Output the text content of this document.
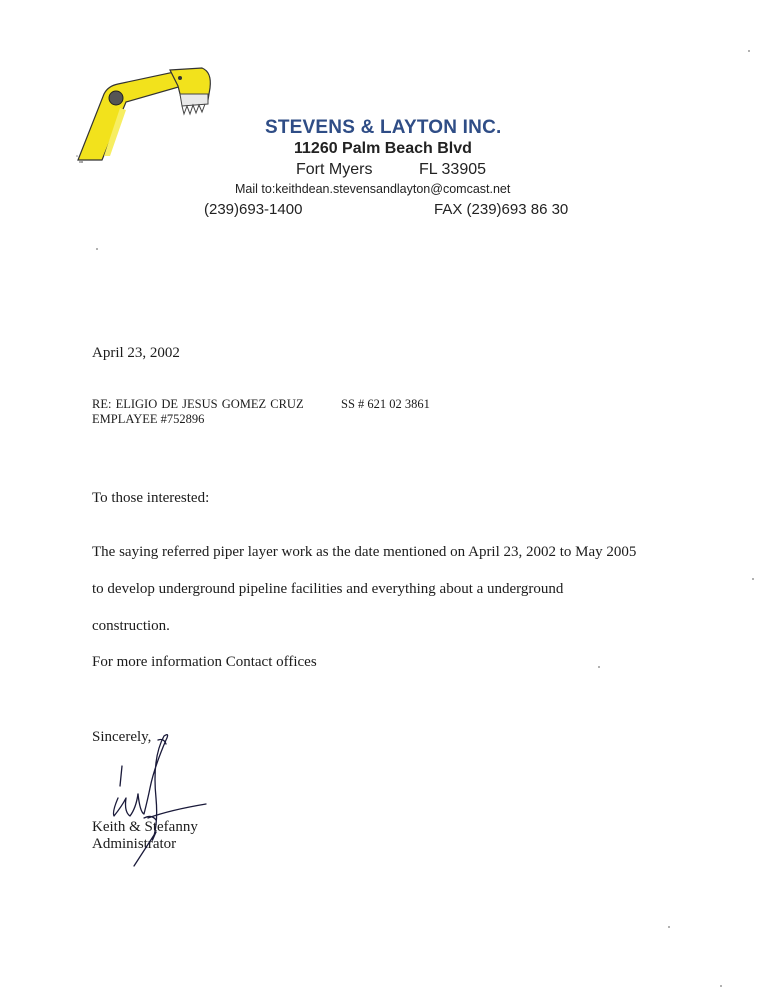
STEVENS & LAYTON INC.
11260 Palm Beach Blvd
Fort Myers	FL 33905
Mail to:keithdean.stevensandlayton@comcast.net
(239)693-1400	FAX (239)693 86 30
April 23, 2002
RE: ELIGIO DE JESUS GOMEZ CRUZ	SS # 621 02 3861
EMPLAYEE #752896
To those interested:
The saying referred piper layer work as the date mentioned on April 23, 2002 to May 2005
to develop underground pipeline facilities and everything about a underground
construction.
For more information Contact offices
Sincerely,
Keith & Stefanny
Administrator
